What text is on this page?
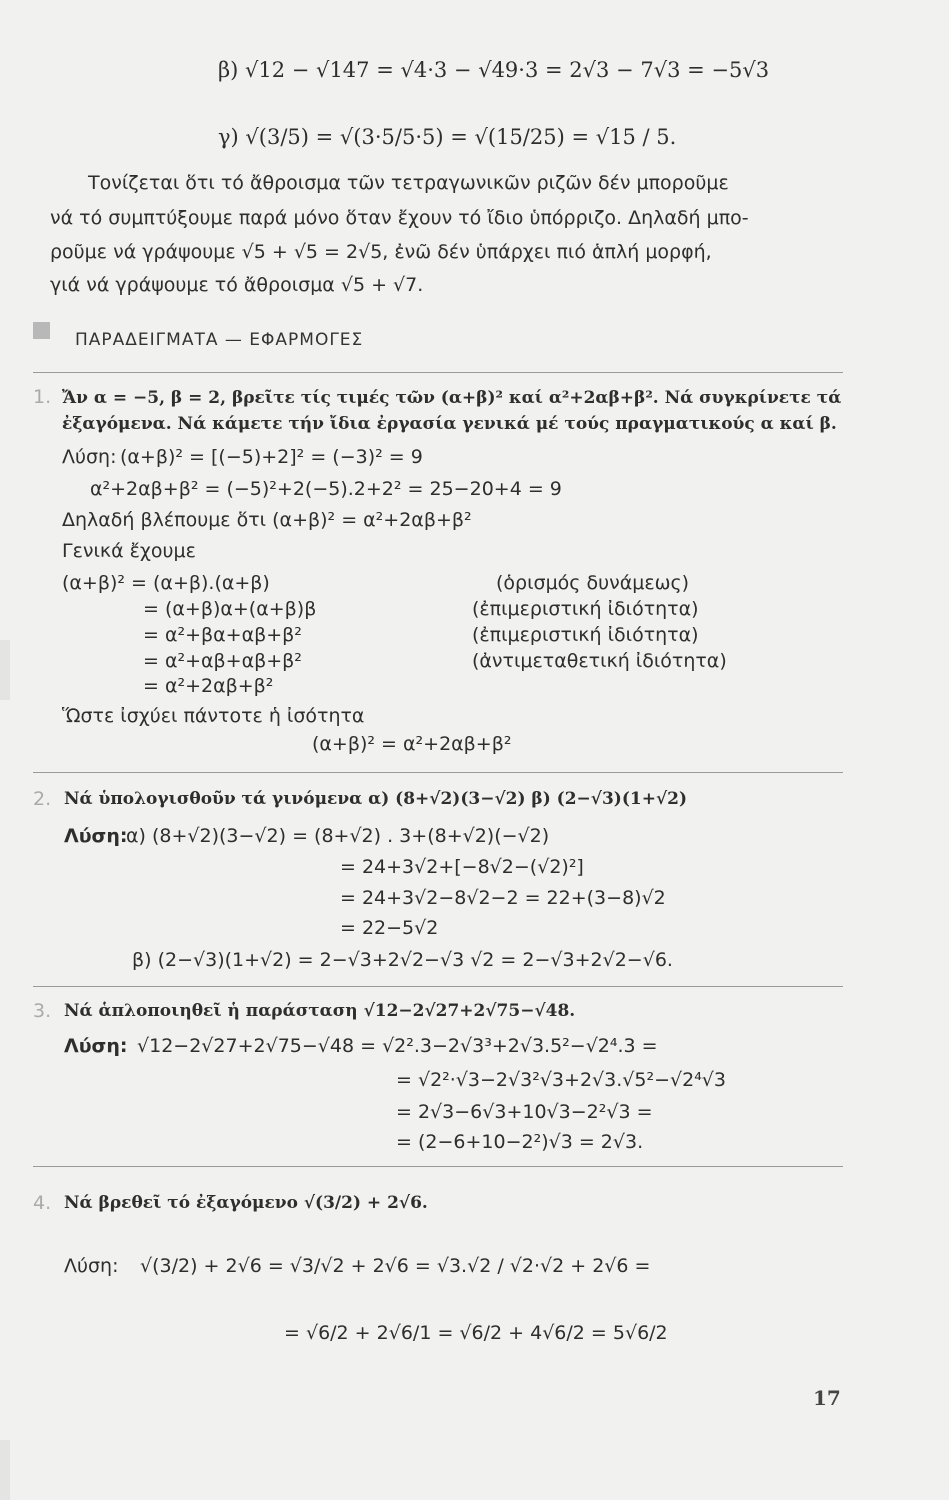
β) √12 − √147 = √4·3 − √49·3 = 2√3 − 7√3 = −5√3
γ) √(3/5) = √(3·5/5·5) = √(15/25) = √15 / 5.
Τονίζεται ὅτι τό ἄθροισμα τῶν τετραγωνικῶν ριζῶν δέν μποροῦμε
νά τό συμπτύξουμε παρά μόνο ὅταν ἔχουν τό ἴδιο ὑπόρριζο. Δηλαδή μπο-
ροῦμε νά γράψουμε √5 + √5 = 2√5, ἐνῶ δέν ὑπάρχει πιό ἁπλή μορφή,
γιά νά γράψουμε τό ἄθροισμα √5 + √7.
ΠΑΡΑΔΕΙΓΜΑΤΑ — ΕΦΑΡΜΟΓΕΣ
1. Ἄν α = −5, β = 2, βρεῖτε τίς τιμές τῶν (α+β)² καί α²+2αβ+β². Νά συγκρίνετε τά
ἐξαγόμενα. Νά κάμετε τήν ἴδια ἐργασία γενικά μέ τούς πραγματικούς α καί β.
Λύση: (α+β)² = [(−5)+2]² = (−3)² = 9
α²+2αβ+β² = (−5)²+2(−5).2+2² = 25−20+4 = 9
Δηλαδή βλέπουμε ὅτι (α+β)² = α²+2αβ+β²
Γενικά ἔχουμε
(α+β)² = (α+β).(α+β)
= (α+β)α+(α+β)β
= α²+βα+αβ+β²
= α²+αβ+αβ+β²
= α²+2αβ+β²
(ὁρισμός δυνάμεως)
(ἐπιμεριστική ἰδιότητα)
(ἐπιμεριστική ἰδιότητα)
(ἀντιμεταθετική ἰδιότητα)
Ὥστε ἰσχύει πάντοτε ἡ ἰσότητα
(α+β)² = α²+2αβ+β²
2. Νά ὑπολογισθοῦν τά γινόμενα α) (8+√2)(3−√2) β) (2−√3)(1+√2)
Λύση:
α) (8+√2)(3−√2) = (8+√2) . 3+(8+√2)(−√2)
= 24+3√2+[−8√2−(√2)²]
= 24+3√2−8√2−2 = 22+(3−8)√2
= 22−5√2
β) (2−√3)(1+√2) = 2−√3+2√2−√3 √2 = 2−√3+2√2−√6.
3. Νά ἁπλοποιηθεῖ ἡ παράσταση √12−2√27+2√75−√48.
Λύση: √12−2√27+2√75−√48 = √2².3−2√3³+2√3.5²−√2⁴.3 =
= √2²·√3−2√3²√3+2√3.√5²−√2⁴√3
= 2√3−6√3+10√3−2²√3 =
= (2−6+10−2²)√3 = 2√3.
4. Νά βρεθεῖ τό ἐξαγόμενο √(3/2) + 2√6.
Λύση: √(3/2) + 2√6 = √3/√2 + 2√6 = √3.√2 / √2·√2 + 2√6 =
= √6/2 + 2√6/1 = √6/2 + 4√6/2 = 5√6/2
17
